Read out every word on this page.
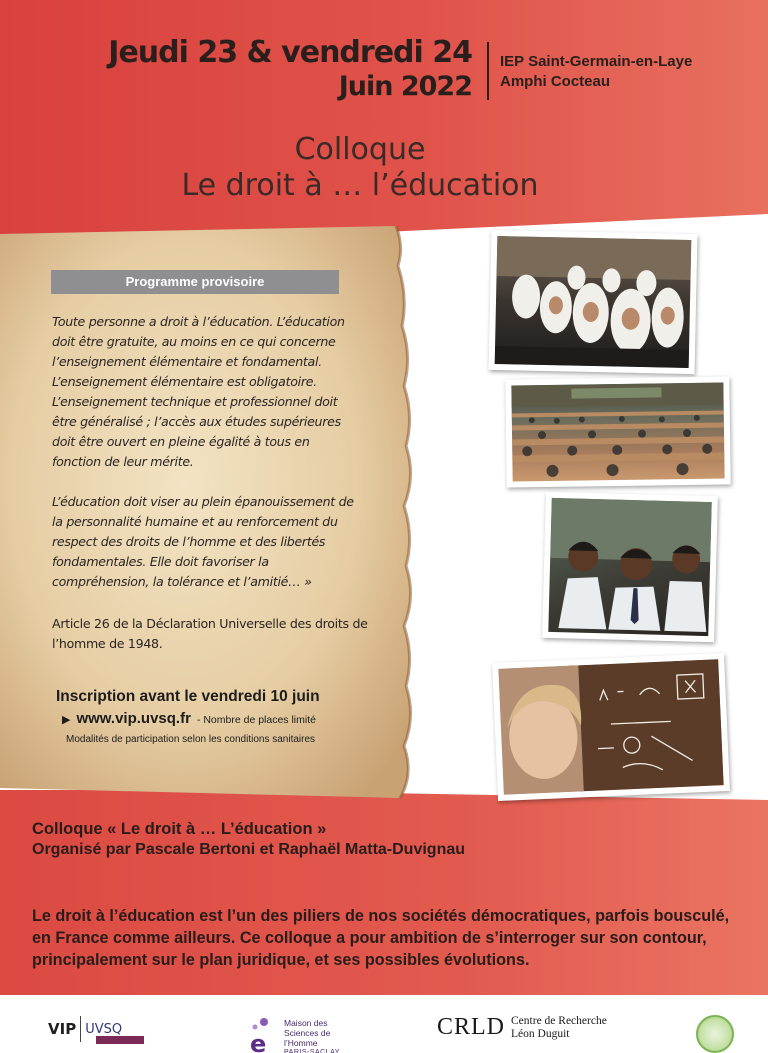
Jeudi 23 & vendredi 24
Juin 2022
IEP Saint-Germain-en-Laye
Amphi Cocteau
Colloque
Le droit à … l’éducation
Programme provisoire

Toute personne a droit à l’éducation. L’éducation doit être gratuite, au moins en ce qui concerne l’enseignement élémentaire et fondamental. L’enseignement élémentaire est obligatoire. L’enseignement technique et professionnel doit être généralisé ; l’accès aux études supérieures doit être ouvert en pleine égalité à tous en fonction de leur mérite.

L’éducation doit viser au plein épanouissement de la personnalité humaine et au renforcement du respect des droits de l’homme et des libertés fondamentales. Elle doit favoriser la compréhension, la tolérance et l’amitié… »

Article 26 de la Déclaration Universelle des droits de l’homme de 1948.
Inscription avant le vendredi 10 juin
▶ www.vip.uvsq.fr - Nombre de places limité
Modalités de participation selon les conditions sanitaires
Colloque « Le droit à … L’éducation »
Organisé par Pascale Bertoni et Raphaël Matta-Duvignau
Le droit à l’éducation est l’un des piliers de nos sociétés démocratiques, parfois bousculé, en France comme ailleurs. Ce colloque a pour ambition de s’interroger sur son contour, principalement sur le plan juridique, et ses possibles évolutions.
VIP UVSQ
e
Maison des
Sciences de
l’Homme
PARIS-SACLAY
CRLD Centre de Recherche
Léon Duguit
